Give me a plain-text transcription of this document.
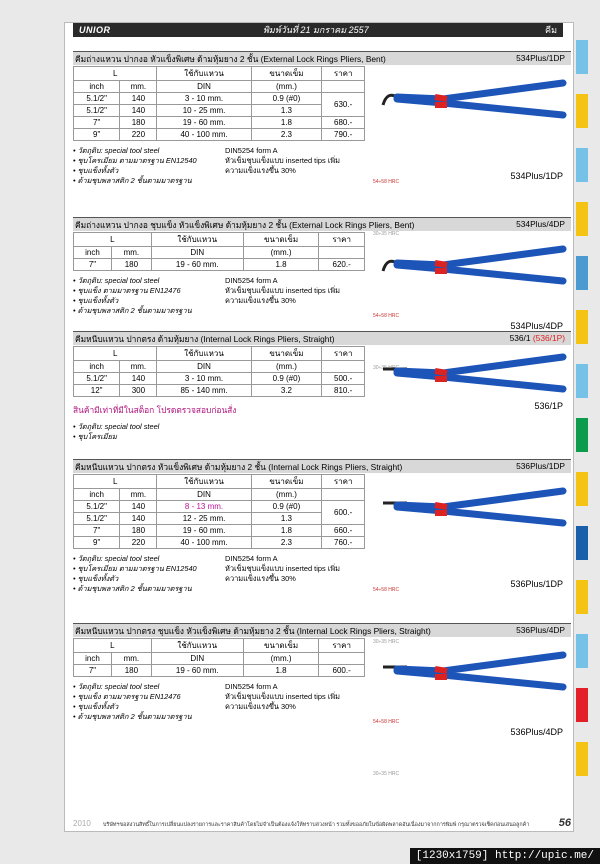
UNIOR	พิมพ์วันที่ 21 มกราคม 2557	คีม
คีมถ่างแหวน ปากงอ หัวแข็งพิเศษ ด้ามหุ้มยาง 2 ชั้น (External Lock Rings Pliers, Bent)	534Plus/1DP
L		ใช้กับแหวน	ขนาดเข็ม	ราคา
inch	mm.	DIN	(mm.)	
5.1/2"	140	3 - 10 mm.	0.9 (#0)	630.-
5.1/2"	140	10 - 25 mm.	1.3	
7"	180	19 - 60 mm.	1.8	680.-
9"	220	40 - 100 mm.	2.3	790.-
• วัตถุดิบ: special tool steel
• ชุบโครเมียม ตามมาตรฐาน EN12540
• ชุบแข็งทั้งตัว
• ด้ามชุบพลาสติก 2 ชั้นตามมาตรฐาน
DIN5254 form A
หัวเข็มชุบแข็งแบบ inserted tips เพิ่ม
ความแข็งแรงขึ้น 30%
534Plus/1DP
54÷58 HRC
30÷35 HRC
คีมถ่างแหวน ปากงอ ชุบแข็ง หัวแข็งพิเศษ ด้ามหุ้มยาง 2 ชั้น (External Lock Rings Pliers, Bent)	534Plus/4DP
L		ใช้กับแหวน	ขนาดเข็ม	ราคา
inch	mm.	DIN	(mm.)	
7"	180	19 - 60 mm.	1.8	620.-
• วัตถุดิบ: special tool steel
• ชุบแข็ง ตามมาตรฐาน EN12476
• ชุบแข็งทั้งตัว
• ด้ามชุบพลาสติก 2 ชั้นตามมาตรฐาน
DIN5254 form A
หัวเข็มชุบแข็งแบบ inserted tips เพิ่ม
ความแข็งแรงขึ้น 30%
534Plus/4DP
54÷58 HRC
30÷35 HRC
คีมหนีบแหวน ปากตรง ด้ามหุ้มยาง (Internal Lock Rings Pliers, Straight)	536/1 (536/1P)
L		ใช้กับแหวน	ขนาดเข็ม	ราคา
inch	mm.	DIN	(mm.)	
5.1/2"	140	3 - 10 mm.	0.9 (#0)	500.-
12"	300	85 - 140 mm.	3.2	810.-
สินค้ามีเท่าที่มีในสต็อก โปรดตรวจสอบก่อนสั่ง
• วัตถุดิบ: special tool steel
• ชุบโครเมียม
536/1P
คีมหนีบแหวน ปากตรง หัวแข็งพิเศษ ด้ามหุ้มยาง 2 ชั้น (Internal Lock Rings Pliers, Straight)	536Plus/1DP
L		ใช้กับแหวน	ขนาดเข็ม	ราคา
inch	mm.	DIN	(mm.)	
5.1/2"	140	8 - 13 mm.	0.9 (#0)	600.-
5.1/2"	140	12 - 25 mm.	1.3	
7"	180	19 - 60 mm.	1.8	660.-
9"	220	40 - 100 mm.	2.3	760.-
• วัตถุดิบ: special tool steel
• ชุบโครเมียม ตามมาตรฐาน EN12540
• ชุบแข็งทั้งตัว
• ด้ามชุบพลาสติก 2 ชั้นตามมาตรฐาน
DIN5254 form A
หัวเข็มชุบแข็งแบบ inserted tips เพิ่ม
ความแข็งแรงขึ้น 30%
536Plus/1DP
54÷58 HRC
30÷35 HRC
คีมหนีบแหวน ปากตรง ชุบแข็ง หัวแข็งพิเศษ ด้ามหุ้มยาง 2 ชั้น (Internal Lock Rings Pliers, Straight)	536Plus/4DP
L		ใช้กับแหวน	ขนาดเข็ม	ราคา
inch	mm.	DIN	(mm.)	
7"	180	19 - 60 mm.	1.8	600.-
• วัตถุดิบ: special tool steel
• ชุบแข็ง ตามมาตรฐาน EN12476
• ชุบแข็งทั้งตัว
• ด้ามชุบพลาสติก 2 ชั้นตามมาตรฐาน
DIN5254 form A
หัวเข็มชุบแข็งแบบ inserted tips เพิ่ม
ความแข็งแรงขึ้น 30%
536Plus/4DP
54÷58 HRC
30÷35 HRC
2010 บริษัทฯขอสงวนสิทธิ์ในการเปลี่ยนแปลงรายการและราคาสินค้าโดยไม่จำเป็นต้องแจ้งให้ทราบล่วงหน้า รวมทั้งขออภัยในข้อผิดพลาดอันเนื่องมาจากการพิมพ์ กรุณาตรวจเช็คก่อนเสนอลูกค้า	56
[1230x1759] http://upic.me/
